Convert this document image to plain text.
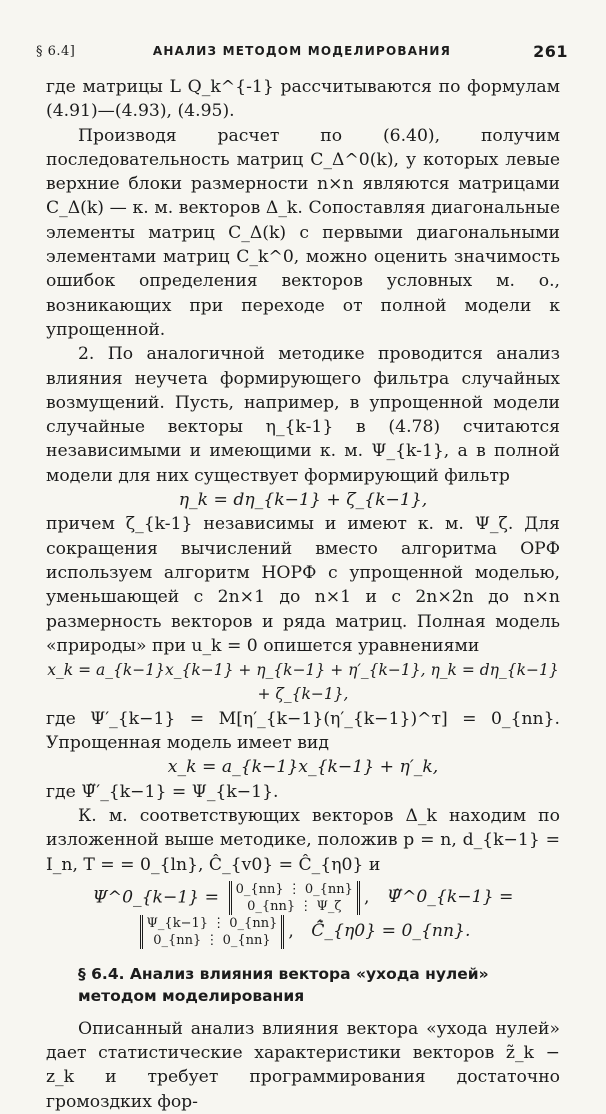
§ 6.4]	АНАЛИЗ МЕТОДОМ МОДЕЛИРОВАНИЯ	261

где матрицы L Q_k^{-1} рассчитываются по формулам (4.91)—(4.93), (4.95).

Производя расчет по (6.40), получим последовательность матриц C_Δ^0(k), у которых левые верхние блоки размерности n×n являются матрицами C_Δ(k) — к. м. векторов Δ_k. Сопоставляя диагональные элементы матриц C_Δ(k) с первыми диагональными элементами матриц C_k^0, можно оценить значимость ошибок определения векторов условных м. о., возникающих при переходе от полной модели к упрощенной.

2. По аналогичной методике проводится анализ влияния неучета формирующего фильтра случайных возмущений. Пусть, например, в упрощенной модели случайные векторы η_{k-1} в (4.78) считаются независимыми и имеющими к. м. Ψ_{k-1}, а в полной модели для них существует формирующий фильтр

η_k = dη_{k−1} + ζ_{k−1},

причем ζ_{k-1} независимы и имеют к. м. Ψ_ζ. Для сокращения вычислений вместо алгоритма ОРФ используем алгоритм НОРФ с упрощенной моделью, уменьшающей с 2n×1 до n×1 и с 2n×2n до n×n размерность векторов и ряда матриц. Полная модель «природы» при u_k = 0 опишется уравнениями

x_k = a_{k−1}x_{k−1} + η_{k−1} + η′_{k−1}, η_k = dη_{k−1} + ζ_{k−1},

где Ψ′_{k−1} = M[η′_{k−1}(η′_{k−1})^т] = 0_{nn}. Упрощенная модель имеет вид

x_k = a_{k−1}x_{k−1} + η′_k,

где Ψ̃′_{k−1} = Ψ_{k−1}.

К. м. соответствующих векторов Δ_k находим по изложенной выше методике, положив p = n, d_{k−1} = I_n, T = = 0_{ln}, Ĉ_{v0} = Ĉ_{η0} и

Ψ^0_{k−1} = 0_{nn} ⋮ 0_{nn}
0_{nn} ⋮ Ψ_ζ , Ψ̃^0_{k−1} = Ψ_{k−1} ⋮ 0_{nn}
0_{nn} ⋮ 0_{nn} , C̃̂_{η0} = 0_{nn}.
§ 6.4. Анализ влияния вектора «ухода нулей» методом моделирования

Описанный анализ влияния вектора «ухода нулей» дает статистические характеристики векторов z̃_k − z_k и требует программирования достаточно громоздких фор-
